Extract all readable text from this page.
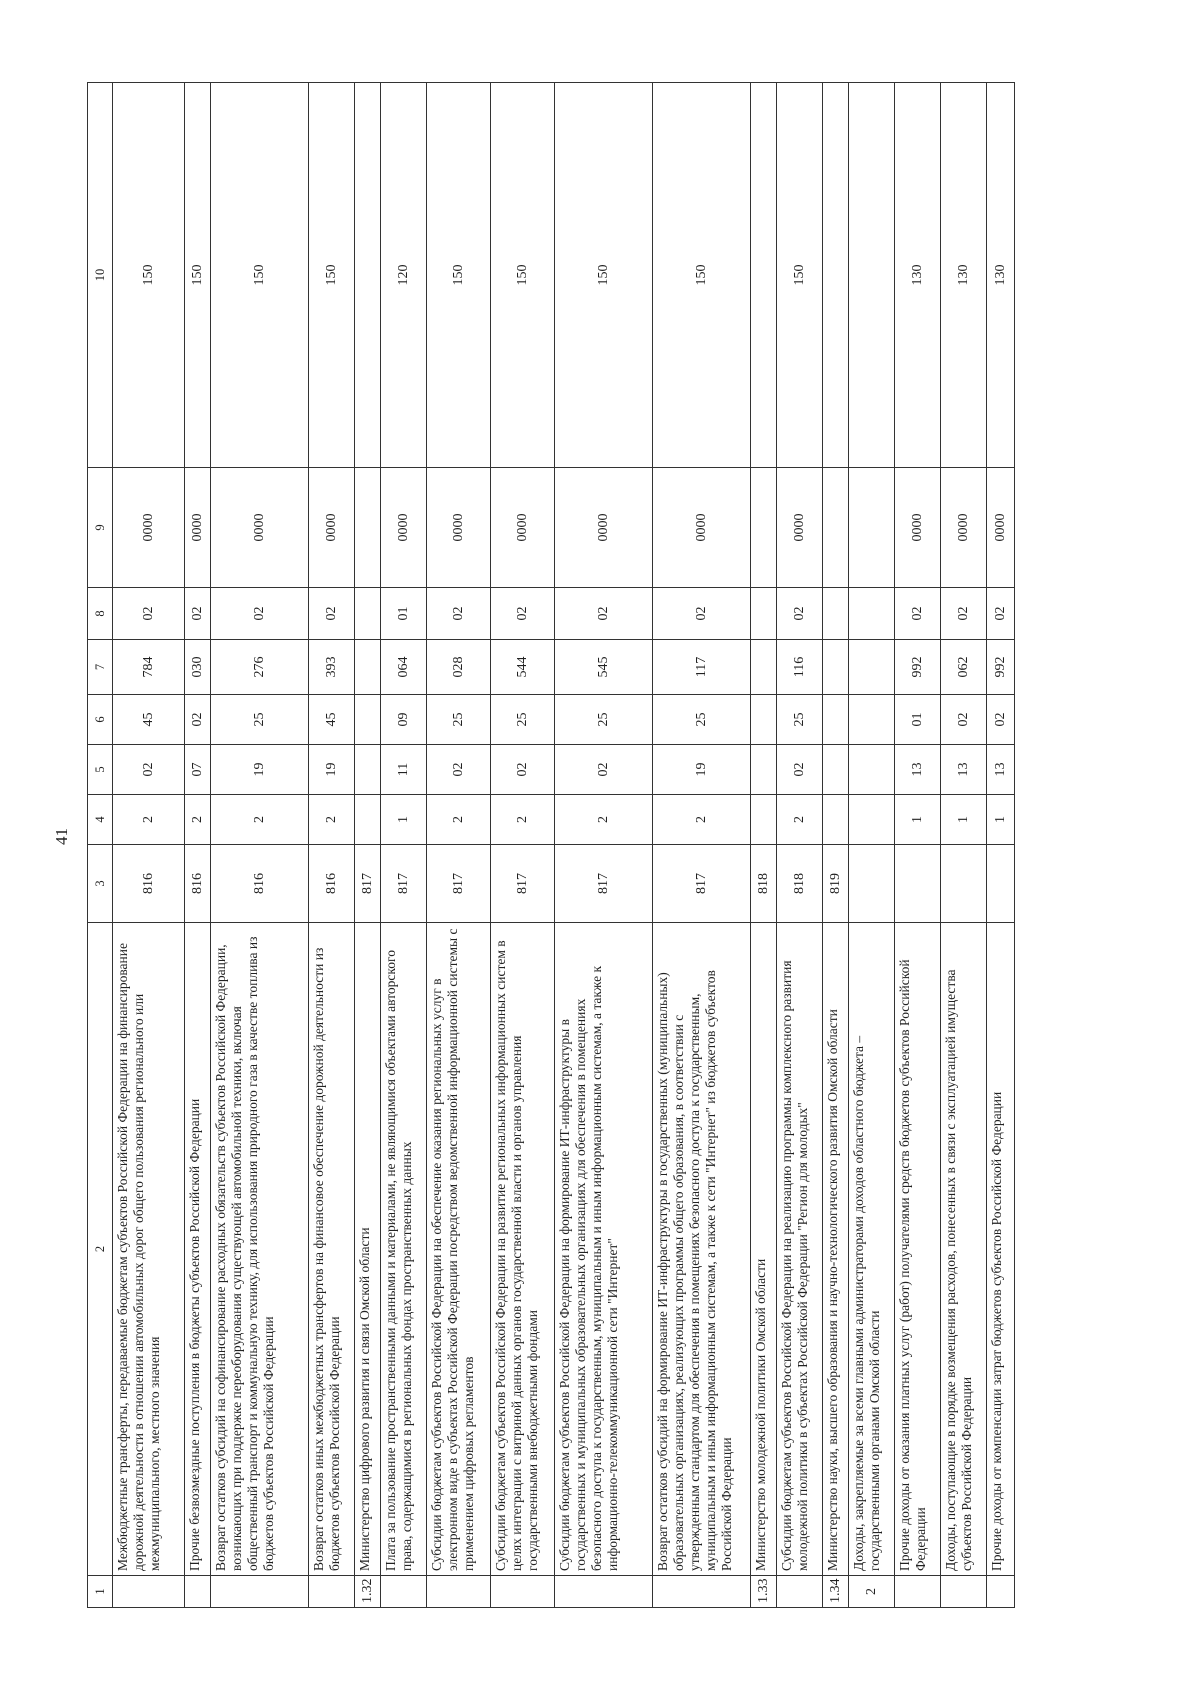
41
1	2	3	4	5	6	7	8	9	10
	Межбюджетные трансферты, передаваемые бюджетам субъектов Российской Федерации на финансирование дорожной деятельности в отношении автомобильных дорог общего пользования регионального или межмуниципального, местного значения	816	2	02	45	784	02	0000	150
	Прочие безвозмездные поступления в бюджеты субъектов Российской Федерации	816	2	07	02	030	02	0000	150
	Возврат остатков субсидий на софинансирование расходных обязательств субъектов Российской Федерации, возникающих при поддержке переоборудования существующей автомобильной техники, включая общественный транспорт и коммунальную технику, для использования природного газа в качестве топлива из бюджетов субъектов Российской Федерации	816	2	19	25	276	02	0000	150
	Возврат остатков иных межбюджетных трансфертов на финансовое обеспечение дорожной деятельности из бюджетов субъектов Российской Федерации	816	2	19	45	393	02	0000	150
1.32	Министерство цифрового развития и связи Омской области	817							
	Плата за пользование пространственными данными и материалами, не являющимися объектами авторского права, содержащимися в региональных фондах пространственных данных	817	1	11	09	064	01	0000	120
	Субсидии бюджетам субъектов Российской Федерации на обеспечение оказания региональных услуг в электронном виде в субъектах Российской Федерации посредством ведомственной информационной системы с применением цифровых регламентов	817	2	02	25	028	02	0000	150
	Субсидии бюджетам субъектов Российской Федерации на развитие региональных информационных систем в целях интеграции с витриной данных органов государственной власти и органов управления государственными внебюджетными фондами	817	2	02	25	544	02	0000	150
	Субсидии бюджетам субъектов Российской Федерации на формирование ИТ-инфраструктуры в государственных и муниципальных образовательных организациях для обеспечения в помещениях безопасного доступа к государственным, муниципальным и иным информационным системам, а также к информационно-телекоммуникационной сети "Интернет"	817	2	02	25	545	02	0000	150
	Возврат остатков субсидий на формирование ИТ-инфраструктуры в государственных (муниципальных) образовательных организациях, реализующих программы общего образования, в соответствии с утвержденным стандартом для обеспечения в помещениях безопасного доступа к государственным, муниципальным и иным информационным системам, а также к сети "Интернет" из бюджетов субъектов Российской Федерации	817	2	19	25	117	02	0000	150
1.33	Министерство молодежной политики Омской области	818							
	Субсидии бюджетам субъектов Российской Федерации на реализацию программы комплексного развития молодежной политики в субъектах Российской Федерации "Регион для молодых"	818	2	02	25	116	02	0000	150
1.34	Министерство науки, высшего образования и научно-технологического развития Омской области	819							
2	Доходы, закрепляемые за всеми главными администраторами доходов областного бюджета – государственными органами Омской области								
	Прочие доходы от оказания платных услуг (работ) получателями средств бюджетов субъектов Российской Федерации		1	13	01	992	02	0000	130
	Доходы, поступающие в порядке возмещения расходов, понесенных в связи с эксплуатацией имущества субъектов Российской Федерации		1	13	02	062	02	0000	130
	Прочие доходы от компенсации затрат бюджетов субъектов Российской Федерации		1	13	02	992	02	0000	130
